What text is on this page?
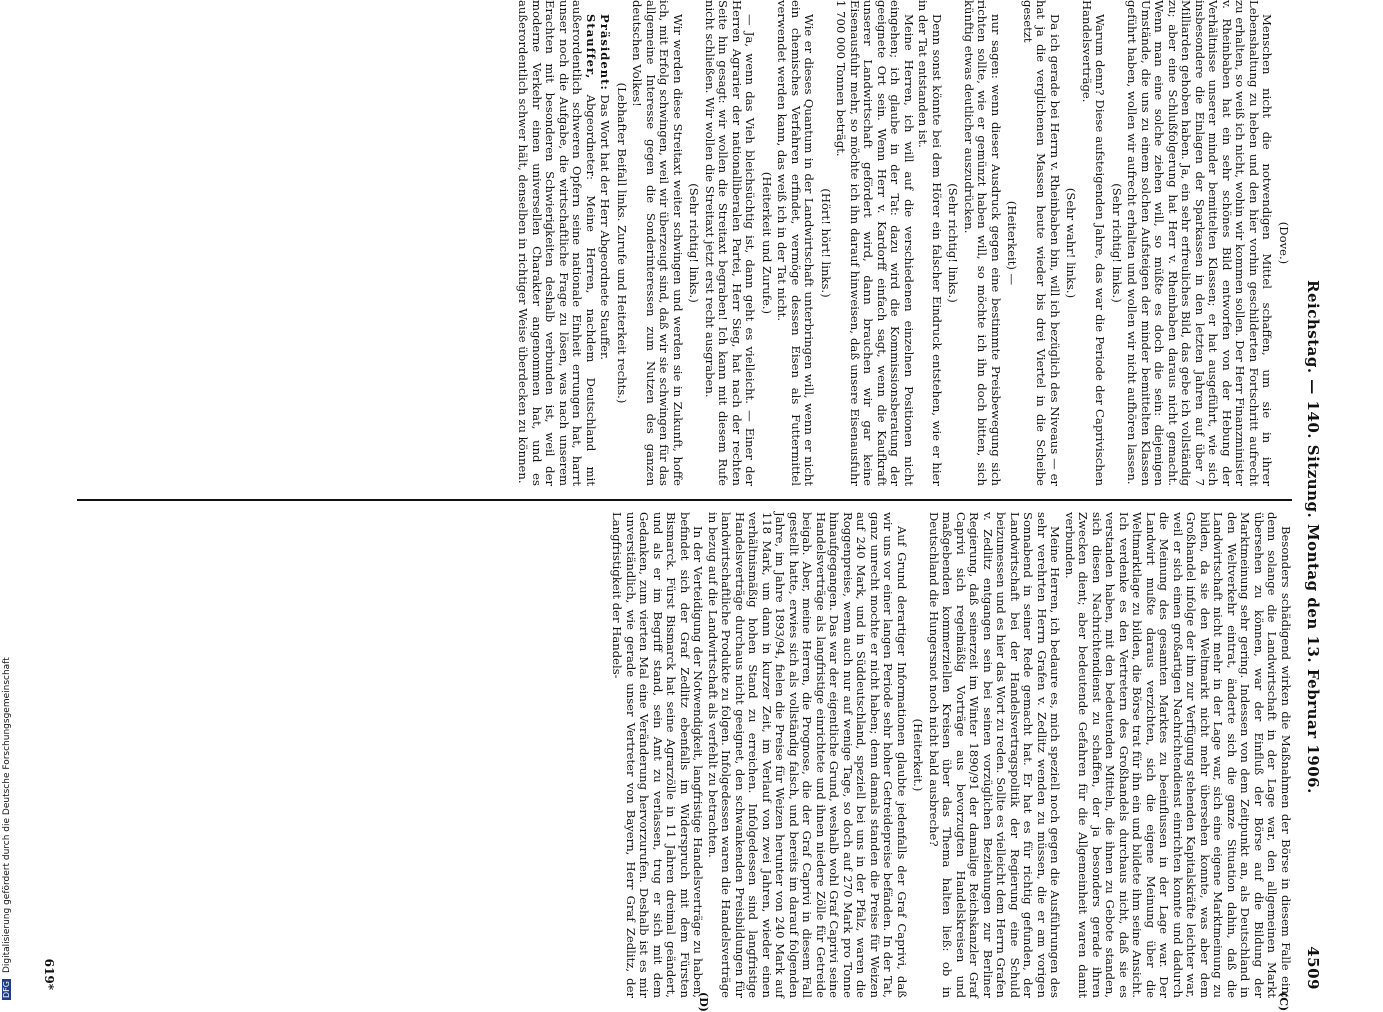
Reichstag. — 140. Sitzung. Montag den 13. Februar 1906.
4509
(C)
(D)

(Dove.)

Menschen nicht die notwendigen Mittel schaffen, um sie in ihrer Lebenshaltung zu heben und den hier vorhin geschilderten Fortschritt aufrecht zu erhalten, so weiß ich nicht, wohin wir kommen sollen. Der Herr Finanzminister v. Rheinbaben hat ein sehr schönes Bild entworfen von der Hebung der Verhältnisse unserer minder bemittelten Klassen; er hat ausgeführt, wie sich insbesondere die Einlagen der Sparkassen in den letzten Jahren auf über 7 Milliarden gehoben haben. Ja, ein sehr erfreuliches Bild, das gebe ich vollständig zu; aber eine Schlußfolgerung hat Herr v. Rheinbaben daraus nicht gemacht. Wenn man eine solche ziehen will, so müßte es doch die sein: diejenigen Umstände, die uns zu einem solchen Aufsteigen der minder bemittelten Klassen geführt haben, wollen wir aufrecht erhalten und wollen wir nicht aufhören lassen.

(Sehr richtig! links.)

Warum denn? Diese aufsteigenden Jahre, das war die Periode der Caprivischen Handelsverträge.

(Sehr wahr! links.)

Da ich gerade bei Herrn v. Rheinbaben bin, will ich bezüglich des Niveaus — er hat ja die verglichenen Massen heute wieder bis drei Viertel in die Scheibe gesetzt

(Heiterkeit) —

nur sagen: wenn dieser Ausdruck gegen eine bestimmte Preisbewegung sich richten sollte, wie er gemünzt haben will, so möchte ich ihn doch bitten, sich künftig etwas deutlicher auszudrücken.

(Sehr richtig! links.)

Denn sonst könnte bei dem Hörer ein falscher Eindruck entstehen, wie er hier in der Tat entstanden ist.

Meine Herren, ich will auf die verschiedenen einzelnen Positionen nicht eingehen; ich glaube in der Tat: dazu wird die Kommissionsberatung der geeignete Ort sein. Wenn Herr v. Kardorff einfach sagt, wenn die Kaufkraft unserer Landwirtschaft gefördert wird, dann brauchen wir gar keine Eisenausfuhr mehr, so möchte ich ihn darauf hinweisen, daß unsere Eisenausfuhr 1 700 000 Tonnen beträgt.

(Hört! hört! links.)

Wie er dieses Quantum in der Landwirtschaft unterbringen will, wenn er nicht ein chemisches Verfahren erfindet, vermöge dessen Eisen als Futtermittel verwendet werden kann, das weiß ich in der Tat nicht.

(Heiterkeit und Zurufe.)

— Ja, wenn das Vieh bleichsüchtig ist, dann geht es vielleicht. — Einer der Herren Agrarier der nationalliberalen Partei, Herr Sieg, hat nach der rechten Seite hin gesagt: wir wollen die Streitaxt begraben! Ich kann mit diesem Rufe nicht schließen. Wir wollen die Streitaxt jetzt erst recht ausgraben.

(Sehr richtig! links.)

Wir werden diese Streitaxt weiter schwingen und werden sie in Zukunft, hoffe ich, mit Erfolg schwingen, weil wir überzeugt sind, daß wir sie schwingen für das allgemeine Interesse gegen die Sonderinteressen zum Nutzen des ganzen deutschen Volkes!

(Lebhafter Beifall links. Zurufe und Heiterkeit rechts.)

Präsident: Das Wort hat der Herr Abgeordnete Stauffer.

Stauffer, Abgeordneter: Meine Herren, nachdem Deutschland mit außerordentlich schweren Opfern seine nationale Einheit errungen hat, harrt unser noch die Aufgabe, die wirtschaftliche Frage zu lösen, was nach unserem Erachten mit besonderen Schwierigkeiten deshalb verbunden ist, weil der moderne Verkehr einen universellen Charakter angenommen hat, und es außerordentlich schwer hält, denselben in richtiger Weise überdecken zu können.

Besonders schädigend wirken die Maßnahmen der Börse in diesem Falle ein; denn solange die Landwirtschaft in der Lage war, den allgemeinen Markt übersehen zu können, war der Einfluß der Börse auf die Bildung der Marktmeinung sehr gering. Indessen von dem Zeitpunkt an, als Deutschland in den Weltverkehr eintrat, änderte sich die ganze Situation dahin, daß die Landwirtschaft nicht mehr in der Lage war, sich eine eigene Marktmeinung zu bilden, da sie den Weltmarkt nicht mehr übersehen konnte, was aber dem Großhandel infolge der ihm zur Verfügung stehenden Kapitalskräfte leichter war, weil er sich einen großartigen Nachrichtendienst einrichten konnte und dadurch die Meinung des gesamten Marktes zu beeinflussen in der Lage war. Der Landwirt mußte daraus verzichten, sich die eigene Meinung über die Weltmarktlage zu bilden, die Börse trat für ihn ein und bildete ihm seine Ansicht. Ich verdenke es den Vertretern des Großhandels durchaus nicht, daß sie es verstanden haben, mit den bedeutenden Mitteln, die ihnen zu Gebote standen, sich diesen Nachrichtendienst zu schaffen, der ja besonders gerade ihren Zwecken dient; aber bedeutende Gefahren für die Allgemeinheit waren damit verbunden.

Meine Herren, ich bedaure es, mich speziell noch gegen die Ausführungen des sehr verehrten Herrn Grafen v. Zedlitz wenden zu müssen, die er am vorigen Sonnabend in seiner Rede gemacht hat. Er hat es für richtig gefunden, der Landwirtschaft bei der Handelsvertragspolitik der Regierung eine Schuld beizumessen und es hier das Wort zu reden. Sollte es vielleicht dem Herrn Grafen v. Zedlitz entgangen sein bei seinen vorzüglichen Beziehungen zur Berliner Regierung, daß seinerzeit im Winter 1890/91 der damalige Reichskanzler Graf Caprivi sich regelmäßig Vorträge aus bevorzugten Handelskreisen und maßgebenden kommerziellen Kreisen über das Thema halten ließ: ob in Deutschland die Hungersnot noch nicht bald ausbreche?

(Heiterkeit.)

Auf Grund derartiger Informationen glaubte jedenfalls der Graf Caprivi, daß wir uns vor einer langen Periode sehr hoher Getreidepreise befänden. In der Tat, ganz unrecht mochte er nicht haben; denn damals standen die Preise für Weizen auf 240 Mark, und in Süddeutschland, speziell bei uns in der Pfalz, waren die Roggenpreise, wenn auch nur auf wenige Tage, so doch auf 270 Mark pro Tonne hinaufgegangen. Das war der eigentliche Grund, weshalb wohl Graf Caprivi seine Handelsverträge als langfristige einrichtete und ihnen niedere Zölle für Getreide beigab. Aber, meine Herren, die Prognose, die der Graf Caprivi in diesem Fall gestellt hatte, erwies sich als vollständig falsch, und bereits im darauf folgenden Jahre, im Jahre 1893/94, fielen die Preise für Weizen herunter von 240 Mark auf 118 Mark, um dann in kurzer Zeit, im Verlauf von zwei Jahren, wieder einen verhältnismäßig hohen Stand zu erreichen. Infolgedessen sind langfristige Handelsverträge durchaus nicht geeignet, den schwankenden Preisbildungen für landwirtschaftliche Produkte zu folgen. Infolgedessen waren die Handelsverträge in bezug auf die Landwirtschaft als verfehlt zu betrachten.

In der Verteidigung der Notwendigkeit, langfristige Handelsverträge zu haben, befindet sich der Graf Zedlitz ebenfalls im Widerspruch mit dem Fürsten Bismarck. Fürst Bismarck hat seine Agrarzölle in 11 Jahren dreimal geändert, und als er im Begriff stand, sein Amt zu verlassen, trug er sich mit dem Gedanken, zum vierten Mal eine Veränderung hervorzurufen. Deshalb ist es mir unverständlich, wie gerade unser Vertreter von Bayern, Herr Graf Zedlitz, der Langfristigkeit der Handels-

619*
DFGDigitalisierung gefördert durch die Deutsche Forschungsgemeinschaft
